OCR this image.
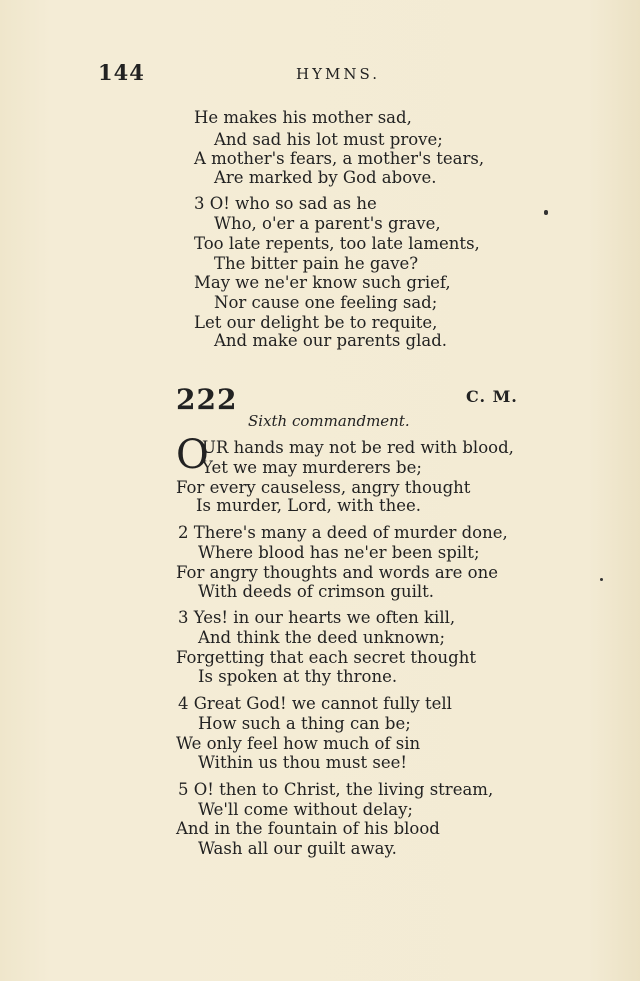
144	HYMNS.
He makes his mother sad,
And sad his lot must prove;
A mother's fears, a mother's tears,
Are marked by God above.
3 O! who so sad as he
Who, o'er a parent's grave,
Too late repents, too late laments,
The bitter pain he gave?
May we ne'er know such grief,
Nor cause one feeling sad;
Let our delight be to requite,
And make our parents glad.
222	C. M.
Sixth commandment.
O
UR hands may not be red with blood,
Yet we may murderers be;
For every causeless, angry thought
Is murder, Lord, with thee.
2 There's many a deed of murder done,
Where blood has ne'er been spilt;
For angry thoughts and words are one
With deeds of crimson guilt.
3 Yes! in our hearts we often kill,
And think the deed unknown;
Forgetting that each secret thought
Is spoken at thy throne.
4 Great God! we cannot fully tell
How such a thing can be;
We only feel how much of sin
Within us thou must see!
5 O! then to Christ, the living stream,
We'll come without delay;
And in the fountain of his blood
Wash all our guilt away.
